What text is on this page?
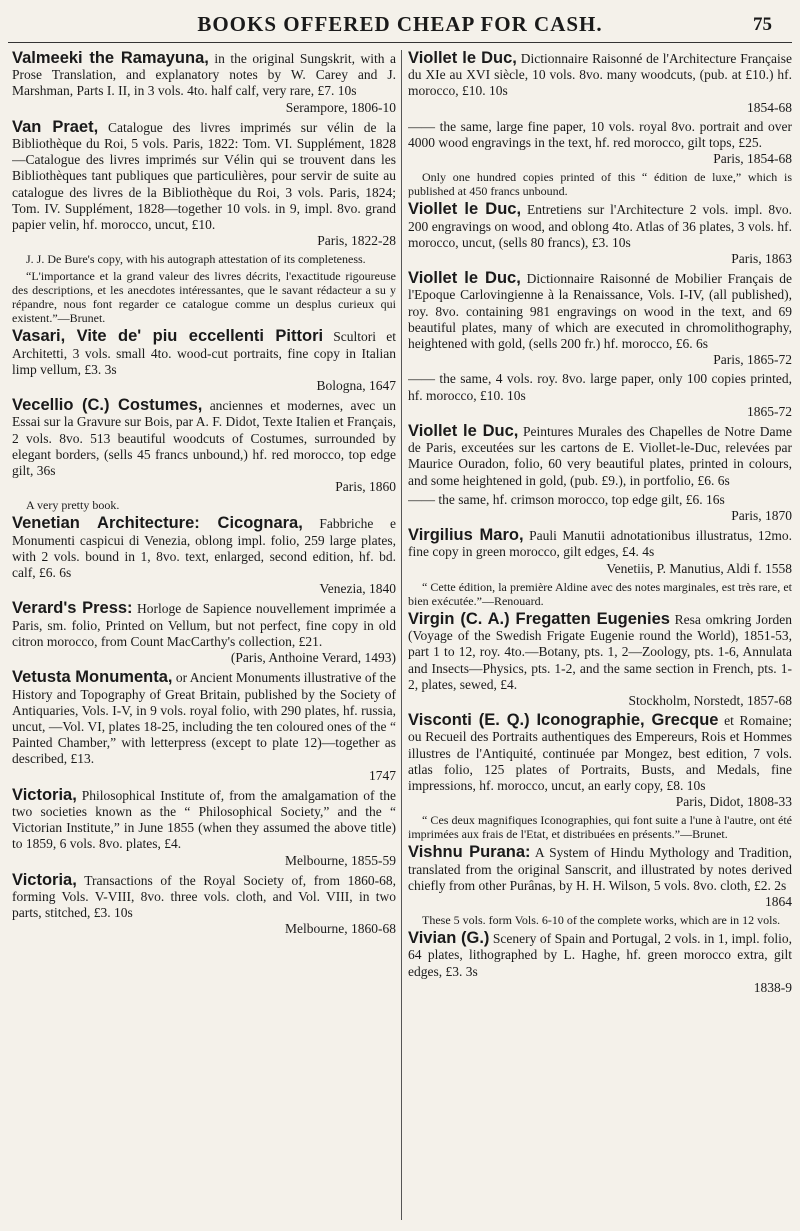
BOOKS OFFERED CHEAP FOR CASH.	75

Valmeeki the Ramayuna, in the original Sungskrit, with a Prose Translation, and explanatory notes by W. Carey and J. Marshman, Parts I. II, in 3 vols. 4to. half calf, very rare, £7. 10s
Serampore, 1806-10

Van Praet, Catalogue des livres imprimés sur vélin de la Bibliothèque du Roi, 5 vols. Paris, 1822: Tom. VI. Supplément, 1828—Catalogue des livres imprimés sur Vélin qui se trouvent dans les Bibliothèques tant publiques que particulières, pour servir de suite au catalogue des livres de la Bibliothèque du Roi, 3 vols. Paris, 1824; Tom. IV. Supplément, 1828—together 10 vols. in 9, impl. 8vo. grand papier velin, hf. morocco, uncut, £10.
Paris, 1822-28

J. J. De Bure's copy, with his autograph attestation of its completeness.

“L'importance et la grand valeur des livres décrits, l'exactitude rigoureuse des descriptions, et les anecdotes intéressantes, que le savant rédacteur a su y répandre, nous font regarder ce catalogue comme un desplus curieux qui existent.”—Brunet.

Vasari, Vite de' piu eccellenti Pittori Scultori et Architetti, 3 vols. small 4to. wood-cut portraits, fine copy in Italian limp vellum, £3. 3s
Bologna, 1647

Vecellio (C.) Costumes, anciennes et modernes, avec un Essai sur la Gravure sur Bois, par A. F. Didot, Texte Italien et Français, 2 vols. 8vo. 513 beautiful woodcuts of Costumes, surrounded by elegant borders, (sells 45 francs unbound,) hf. red morocco, top edge gilt, 36s
Paris, 1860

A very pretty book.

Venetian Architecture: Cicognara, Fabbriche e Monumenti caspicui di Venezia, oblong impl. folio, 259 large plates, with 2 vols. bound in 1, 8vo. text, enlarged, second edition, hf. bd. calf, £6. 6s
Venezia, 1840

Verard's Press: Horloge de Sapience nouvellement imprimée a Paris, sm. folio, Printed on Vellum, but not perfect, fine copy in old citron morocco, from Count MacCarthy's collection, £21.
(Paris, Anthoine Verard, 1493)

Vetusta Monumenta, or Ancient Monuments illustrative of the History and Topography of Great Britain, published by the Society of Antiquaries, Vols. I-V, in 9 vols. royal folio, with 290 plates, hf. russia, uncut, —Vol. VI, plates 18-25, including the ten coloured ones of the “ Painted Chamber,” with letterpress (except to plate 12)—together as described, £13.
1747

Victoria, Philosophical Institute of, from the amalgamation of the two societies known as the “ Philosophical Society,” and the “ Victorian Institute,” in June 1855 (when they assumed the above title) to 1859, 6 vols. 8vo. plates, £4.
Melbourne, 1855-59

Victoria, Transactions of the Royal Society of, from 1860-68, forming Vols. V-VIII, 8vo. three vols. cloth, and Vol. VIII, in two parts, stitched, £3. 10s
Melbourne, 1860-68

Viollet le Duc, Dictionnaire Raisonné de l'Architecture Française du XIe au XVI siècle, 10 vols. 8vo. many woodcuts, (pub. at £10.) hf. morocco, £10. 10s
1854-68

—— the same, large fine paper, 10 vols. royal 8vo. portrait and over 4000 wood engravings in the text, hf. red morocco, gilt tops, £25.
Paris, 1854-68

Only one hundred copies printed of this “ édition de luxe,” which is published at 450 francs unbound.

Viollet le Duc, Entretiens sur l'Architecture 2 vols. impl. 8vo. 200 engravings on wood, and oblong 4to. Atlas of 36 plates, 3 vols. hf. morocco, uncut, (sells 80 francs), £3. 10s
Paris, 1863

Viollet le Duc, Dictionnaire Raisonné de Mobilier Français de l'Epoque Carlovingienne à la Renaissance, Vols. I-IV, (all published), roy. 8vo. containing 981 engravings on wood in the text, and 69 beautiful plates, many of which are executed in chromolithography, heightened with gold, (sells 200 fr.) hf. morocco, £6. 6s
Paris, 1865-72

—— the same, 4 vols. roy. 8vo. large paper, only 100 copies printed, hf. morocco, £10. 10s
1865-72

Viollet le Duc, Peintures Murales des Chapelles de Notre Dame de Paris, exceutées sur les cartons de E. Viollet-le-Duc, relevées par Maurice Ouradon, folio, 60 very beautiful plates, printed in colours, and some heightened in gold, (pub. £9.), in portfolio, £6. 6s

—— the same, hf. crimson morocco, top edge gilt, £6. 16s
Paris, 1870

Virgilius Maro, Pauli Manutii adnotationibus illustratus, 12mo. fine copy in green morocco, gilt edges, £4. 4s
Venetiis, P. Manutius, Aldi f. 1558

“ Cette édition, la première Aldine avec des notes marginales, est très rare, et bien exécutée.”—Renouard.

Virgin (C. A.) Fregatten Eugenies Resa omkring Jorden (Voyage of the Swedish Frigate Eugenie round the World), 1851-53, part 1 to 12, roy. 4to.—Botany, pts. 1, 2—Zoology, pts. 1-6, Annulata and Insects—Physics, pts. 1-2, and the same section in French, pts. 1-2, plates, sewed, £4.
Stockholm, Norstedt, 1857-68

Visconti (E. Q.) Iconographie, Grecque et Romaine; ou Recueil des Portraits authentiques des Empereurs, Rois et Hommes illustres de l'Antiquité, continuée par Mongez, best edition, 7 vols. atlas folio, 125 plates of Portraits, Busts, and Medals, fine impressions, hf. morocco, uncut, an early copy, £8. 10s
Paris, Didot, 1808-33

“ Ces deux magnifiques Iconographies, qui font suite a l'une à l'autre, ont été imprimées aux frais de l'Etat, et distribuées en présents.”—Brunet.

Vishnu Purana: A System of Hindu Mythology and Tradition, translated from the original Sanscrit, and illustrated by notes derived chiefly from other Purânas, by H. H. Wilson, 5 vols. 8vo. cloth, £2. 2s
1864

These 5 vols. form Vols. 6-10 of the complete works, which are in 12 vols.

Vivian (G.) Scenery of Spain and Portugal, 2 vols. in 1, impl. folio, 64 plates, lithographed by L. Haghe, hf. green morocco extra, gilt edges, £3. 3s
1838-9
